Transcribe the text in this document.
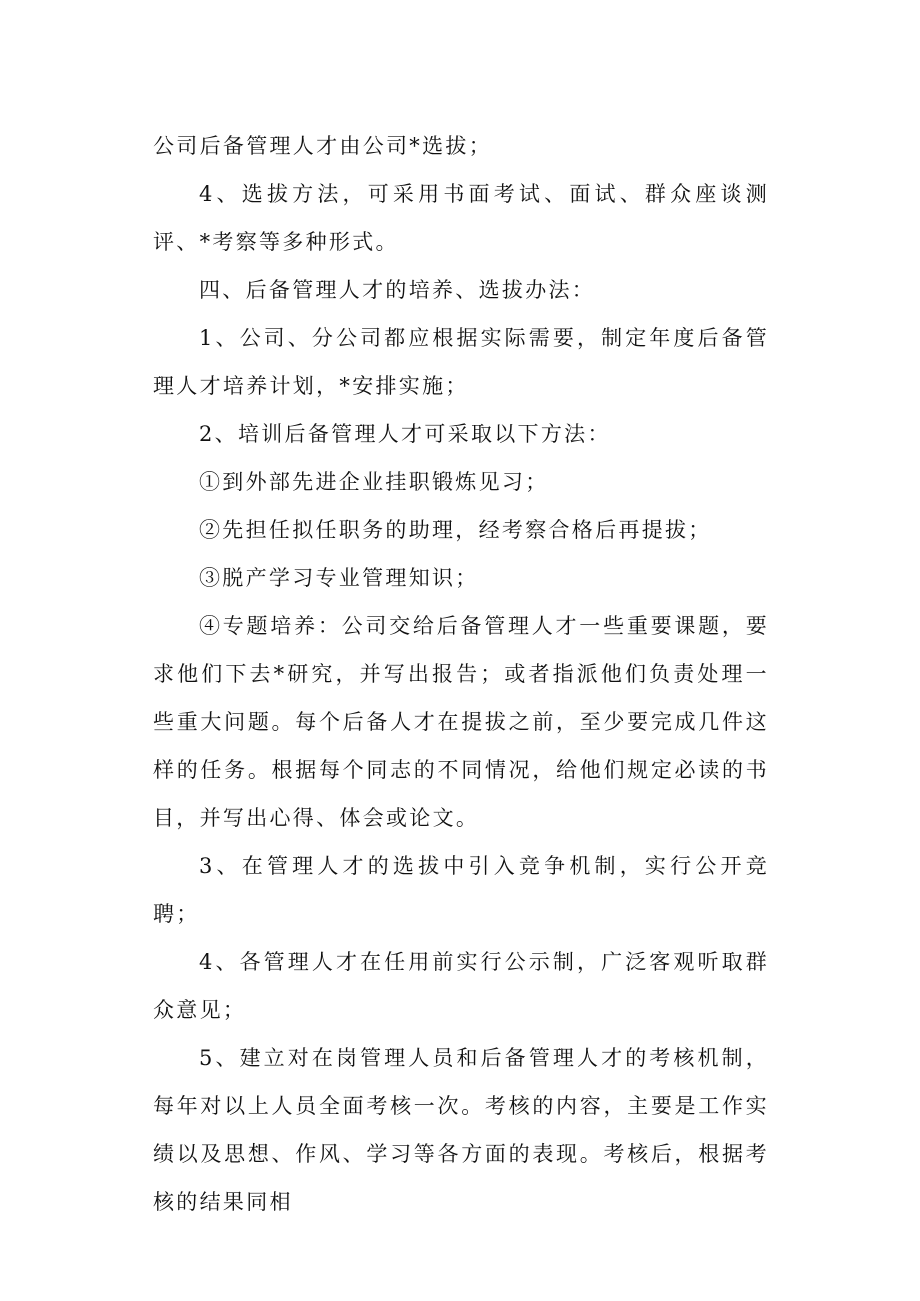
公司后备管理人才由公司*选拔；

4、选拔方法，可采用书面考试、面试、群众座谈测评、*考察等多种形式。

四、后备管理人才的培养、选拔办法：

1、公司、分公司都应根据实际需要，制定年度后备管理人才培养计划，*安排实施；

2、培训后备管理人才可采取以下方法：

①到外部先进企业挂职锻炼见习；

②先担任拟任职务的助理，经考察合格后再提拔；

③脱产学习专业管理知识；

④专题培养：公司交给后备管理人才一些重要课题，要求他们下去*研究，并写出报告；或者指派他们负责处理一些重大问题。每个后备人才在提拔之前，至少要完成几件这样的任务。根据每个同志的不同情况，给他们规定必读的书目，并写出心得、体会或论文。

3、在管理人才的选拔中引入竞争机制，实行公开竞聘；

4、各管理人才在任用前实行公示制，广泛客观听取群众意见；

5、建立对在岗管理人员和后备管理人才的考核机制，每年对以上人员全面考核一次。考核的内容，主要是工作实绩以及思想、作风、学习等各方面的表现。考核后，根据考核的结果同相
